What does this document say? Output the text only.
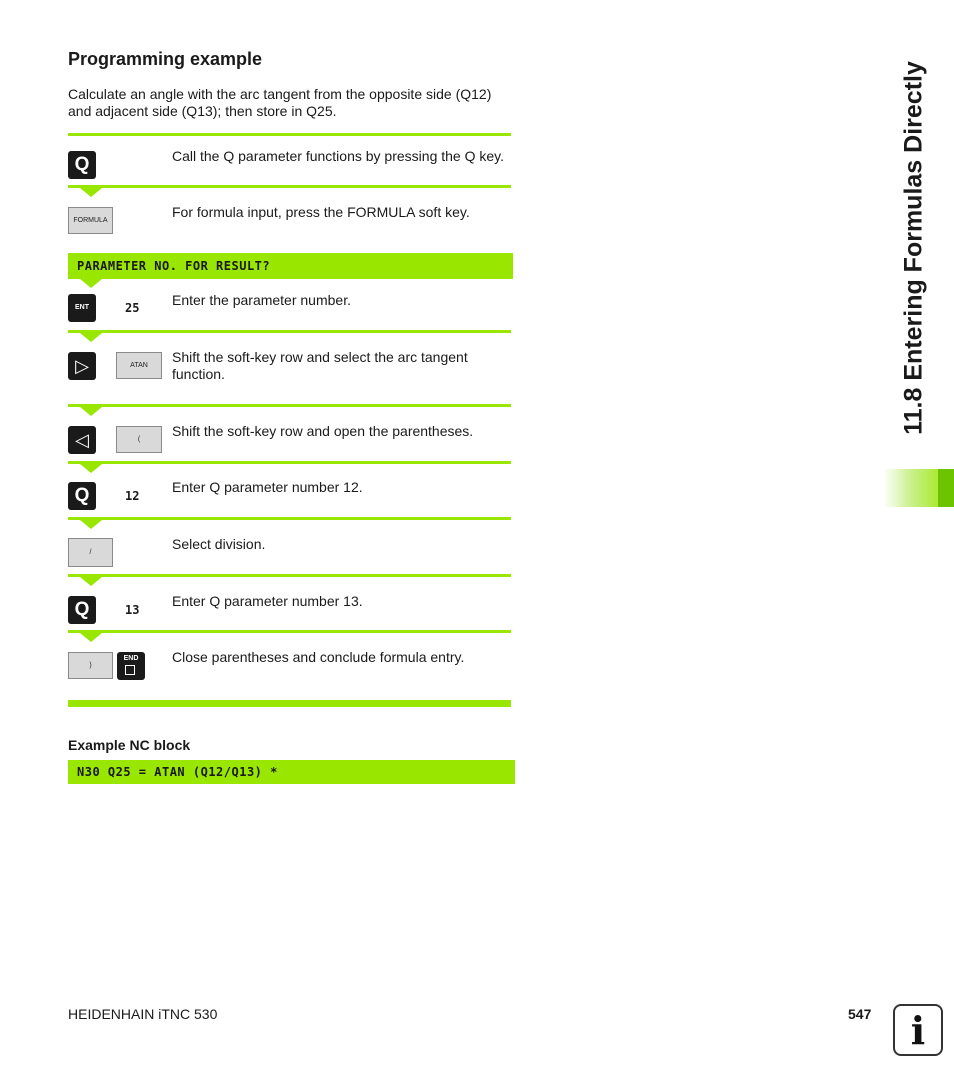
11.8 Entering Formulas Directly
Programming example
Calculate an angle with the arc tangent from the opposite side (Q12) and adjacent side (Q13); then store in Q25.
Q	Call the Q parameter functions by pressing the Q key.
FORMULA
For formula input, press the FORMULA soft key.
PARAMETER NO. FOR RESULT?
ENT	25 Enter the parameter number.
▷	ATAN
Shift the soft-key row and select the arc tangent function.
◁	(
Shift the soft-key row and open the parentheses.
Q	12
Enter Q parameter number 12.
/
Select division.
Q	13
Enter Q parameter number 13.
)
END	Close parentheses and conclude formula entry.
Example NC block
N30 Q25 = ATAN (Q12/Q13) *
HEIDENHAIN iTNC 530	547	i
